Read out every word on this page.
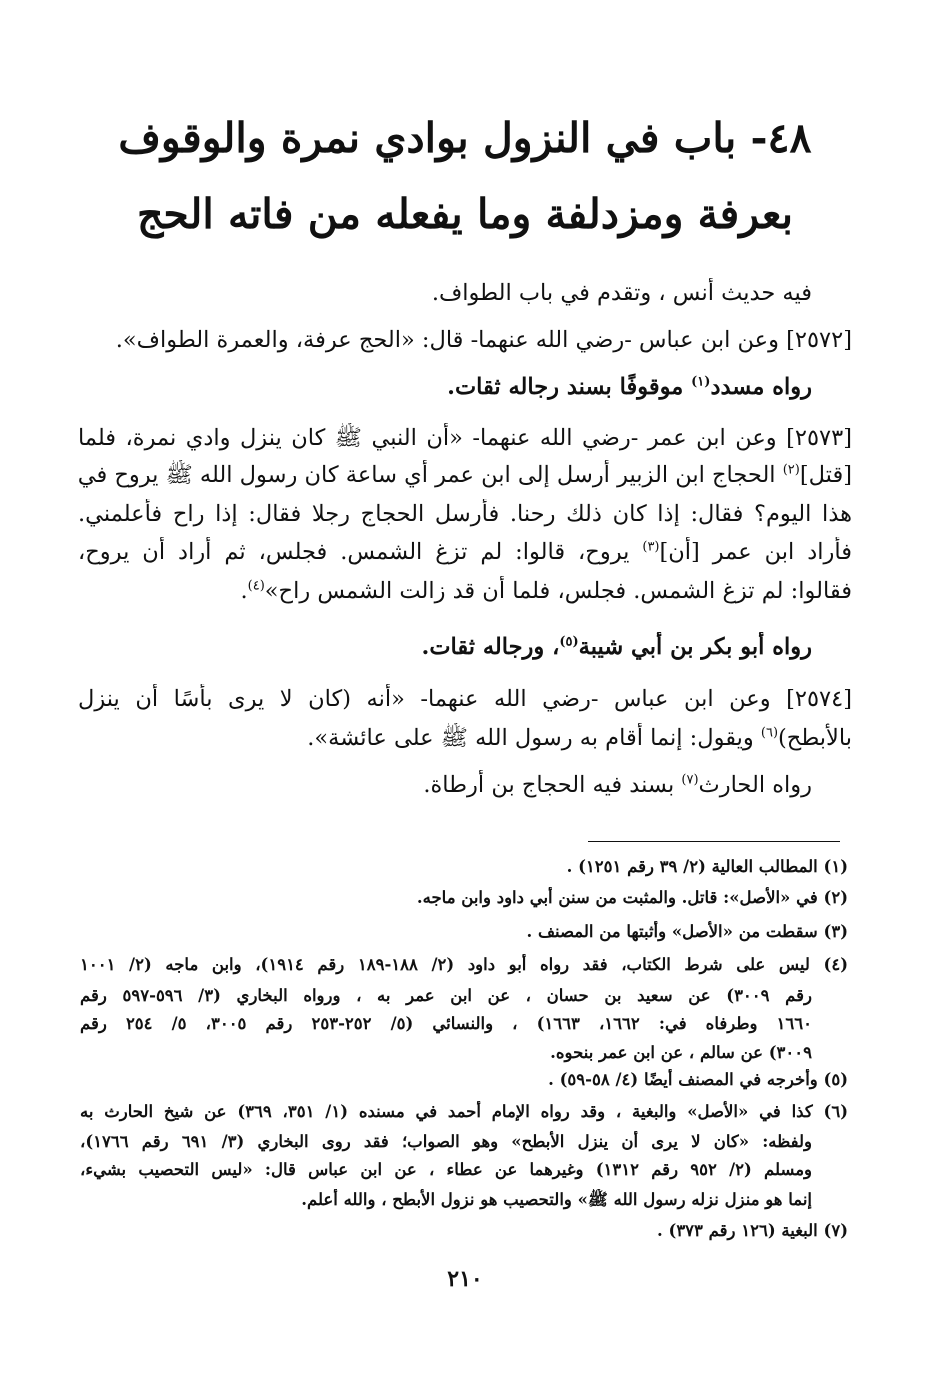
٤٨- باب في النزول بوادي نمرة والوقوف
بعرفة ومزدلفة وما يفعله من فاته الحج
فيه حديث أنس ، وتقدم في باب الطواف.
[٢٥٧٢] وعن ابن عباس -رضي الله عنهما- قال: «الحج عرفة، والعمرة الطواف».
رواه مسدد$^{(١)}$ موقوفًا بسند رجاله ثقات.
[٢٥٧٣] وعن ابن عمر -رضي الله عنهما- «أن النبي ﷺ كان ينزل وادي نمرة، فلما
[قتل]$^{(٢)}$ الحجاج ابن الزبير أرسل إلى ابن عمر أي ساعة كان رسول الله ﷺ يروح في
هذا اليوم؟ فقال: إذا كان ذلك رحنا. فأرسل الحجاج رجلا فقال: إذا راح فأعلمني.
فأراد ابن عمر [أن]$^{(٣)}$ يروح، قالوا: لم تزغ الشمس. فجلس، ثم أراد أن يروح،
فقالوا: لم تزغ الشمس. فجلس، فلما أن قد زالت الشمس راح»$^{(٤)}$.
رواه أبو بكر بن أبي شيبة$^{(٥)}$، ورجاله ثقات.
[٢٥٧٤] وعن ابن عباس -رضي الله عنهما- «أنه (كان لا يرى بأسًا أن ينزل
بالأبطح)$^{(٦)}$ ويقول: إنما أقام به رسول الله ﷺ على عائشة».
رواه الحارث$^{(٧)}$ بسند فيه الحجاج بن أرطاة.
(١) المطالب العالية (٢/ ٣٩ رقم ١٢٥١) .
(٢) في «الأصل»: قاتل. والمثبت من سنن أبي داود وابن ماجه.
(٣) سقطت من «الأصل» وأثبتها من المصنف .
(٤) ليس على شرط الكتاب، فقد رواه أبو داود (٢/ ١٨٨-١٨٩ رقم ١٩١٤)، وابن ماجه (٢/ ١٠٠١
رقم ٣٠٠٩) عن سعيد بن حسان ، عن ابن عمر به ، ورواه البخاري (٣/ ٥٩٦-٥٩٧ رقم
١٦٦٠ وطرفاه في: ١٦٦٢، ١٦٦٣) ، والنسائي (٥/ ٢٥٢-٢٥٣ رقم ٣٠٠٥، ٥/ ٢٥٤ رقم
٣٠٠٩) عن سالم ، عن ابن عمر بنحوه.
(٥) وأخرجه في المصنف أيضًا (٤/ ٥٨-٥٩) .
(٦) كذا في «الأصل» والبغية ، وقد رواه الإمام أحمد في مسنده (١/ ٣٥١، ٣٦٩) عن شيخ الحارث به
ولفظه: «كان لا يرى أن ينزل الأبطح» وهو الصواب؛ فقد روى البخاري (٣/ ٦٩١ رقم ١٧٦٦)،
ومسلم (٢/ ٩٥٢ رقم ١٣١٢) وغيرهما عن عطاء ، عن ابن عباس قال: «ليس التحصيب بشيء،
إنما هو منزل نزله رسول الله ﷺ» والتحصيب هو نزول الأبطح ، والله أعلم.
(٧) البغية (١٢٦ رقم ٣٧٣) .
٢١٠
